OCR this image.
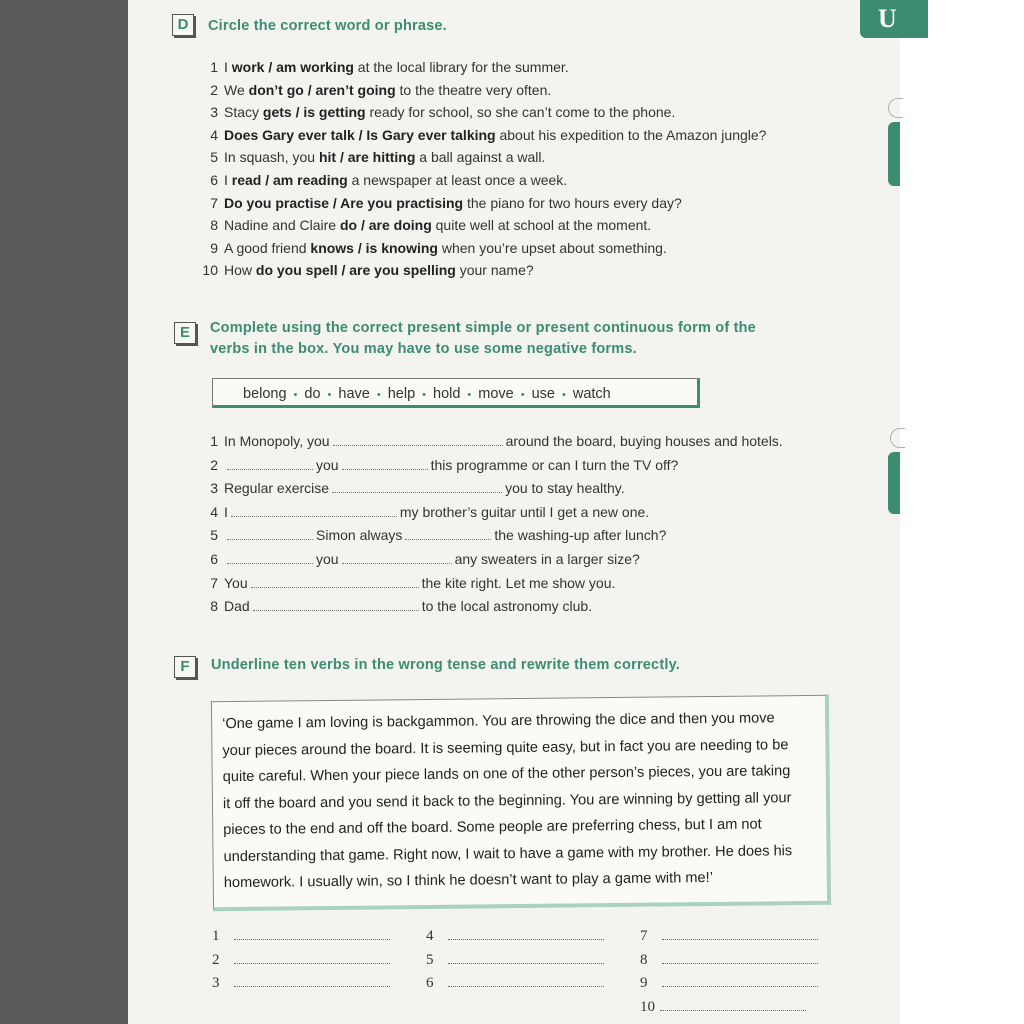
U
D	Circle the correct word or phrase.
1 I work / am working at the local library for the summer.
2 We don’t go / aren’t going to the theatre very often.
3 Stacy gets / is getting ready for school, so she can’t come to the phone.
4 Does Gary ever talk / Is Gary ever talking about his expedition to the Amazon jungle?
5 In squash, you hit / are hitting a ball against a wall.
6 I read / am reading a newspaper at least once a week.
7 Do you practise / Are you practising the piano for two hours every day?
8 Nadine and Claire do / are doing quite well at school at the moment.
9 A good friend knows / is knowing when you’re upset about something.
10 How do you spell / are you spelling your name?
E	Complete using the correct present simple or present continuous form of the
verbs in the box. You may have to use some negative forms.
belong • do • have • help • hold • move • use • watch
1 In Monopoly, you	around the board, buying houses and hotels.
2	you	this programme or can I turn the TV off?
3 Regular exercise	you to stay healthy.
4 I	my brother’s guitar until I get a new one.
5	Simon always	the washing-up after lunch?
6	you	any sweaters in a larger size?
7 You	the kite right. Let me show you.
8 Dad	to the local astronomy club.
F	Underline ten verbs in the wrong tense and rewrite them correctly.
‘One game I am loving is backgammon. You are throwing the dice and then you move
your pieces around the board. It is seeming quite easy, but in fact you are needing to be
quite careful. When your piece lands on one of the other person’s pieces, you are taking
it off the board and you send it back to the beginning. You are winning by getting all your
pieces to the end and off the board. Some people are preferring chess, but I am not
understanding that game. Right now, I wait to have a game with my brother. He does his
homework. I usually win, so I think he doesn’t want to play a game with me!’
1
2
3
4
5
6
7
8
9
10
